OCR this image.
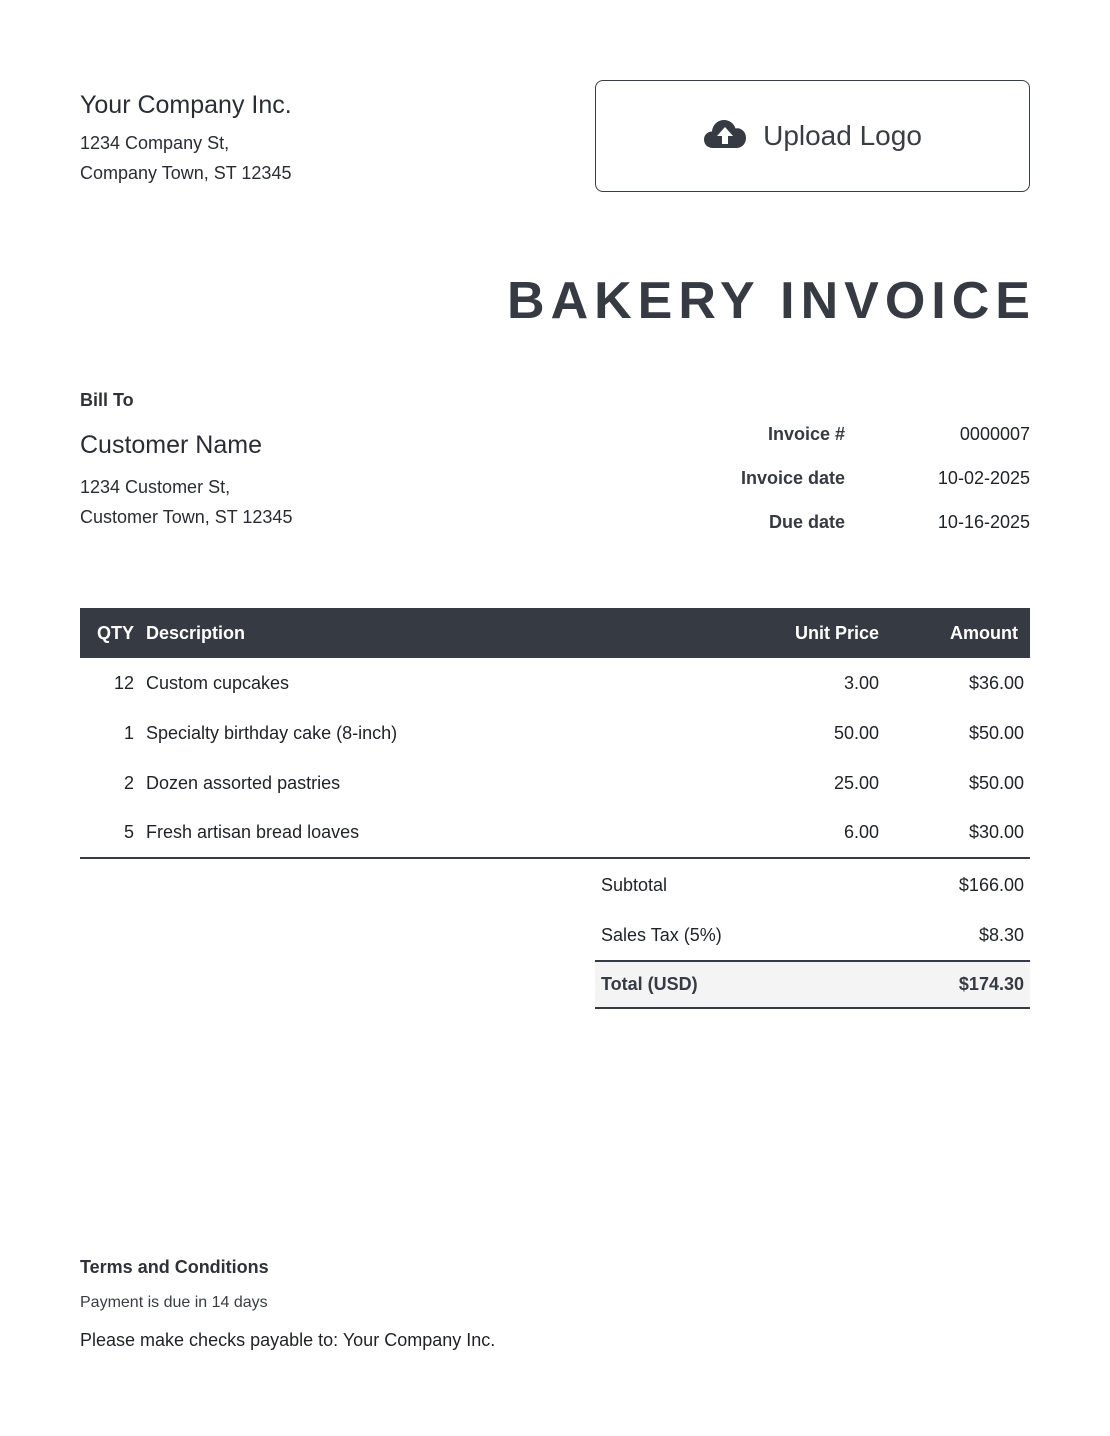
Your Company Inc.
1234 Company St,
Company Town, ST 12345
Upload Logo
BAKERY INVOICE
Bill To
Customer Name
1234 Customer St,
Customer Town, ST 12345
Invoice #	0000007
Invoice date	10-02-2025
Due date	10-16-2025
QTY	Description	Unit Price	Amount
12	Custom cupcakes	3.00	$36.00
1	Specialty birthday cake (8-inch)	50.00	$50.00
2	Dozen assorted pastries	25.00	$50.00
5	Fresh artisan bread loaves	6.00	$30.00
Subtotal	$166.00
Sales Tax (5%)	$8.30
Total (USD)	$174.30
Terms and Conditions
Payment is due in 14 days
Please make checks payable to: Your Company Inc.
